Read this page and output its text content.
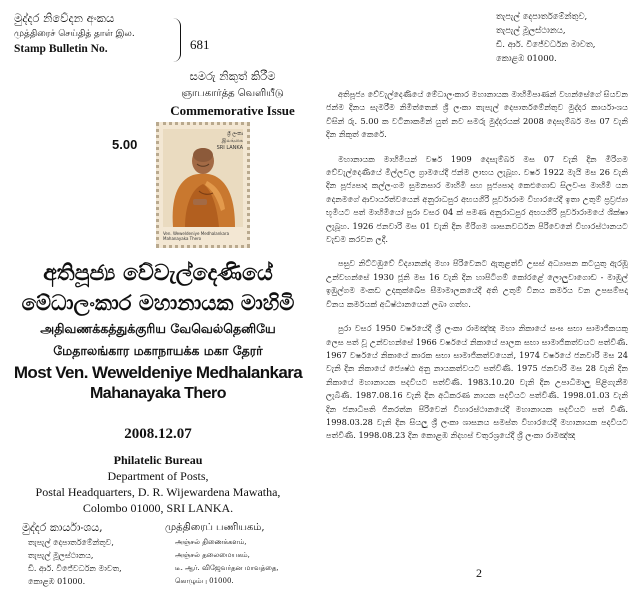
මුද්දර නිවේදන අංකය
முத்திரைச் செய்தித் தாள் இல.
Stamp Bulletin No.	681
සමරු නිකුත් කිරීම
ஞாபகார்த்த வெளியீடு
Commemorative Issue
5.00
ශ්‍රී ලංකා
இலங்கை
SRI LANKA
Ven. Weweldeniye Medhalankara Mahanayaka Thero
අතිපූජ්‍ය වේවැල්දෙණියේ
මේධාලංකාර මහානායක මාහිමි
அதிவணக்கத்துக்குரிய வேவெல்தெனியே
மேதாலங்கார மகாநாயக்க மகா தேரர்
Most Ven. Weweldeniye Medhalankara
Mahanayaka Thero
2008.12.07
Philatelic Bureau
Department of Posts,
Postal Headquarters, D. R. Wijewardena Mawatha,
Colombo 01000, SRI LANKA.
මුද්දර කාර්යාංශය,
තැපැල් දෙපාර්තමේන්තුව,
තැපැල් මූලස්ථානය,
ඩී. ආර්. විජේවර්ධන මාවත,
කොළඹ 01000.
முத்திரைப் பணியகம்,
அஞ்சல் திணைக்களம்,
அஞ்சல் தலைமையகம்,
டீ. ஆர். விஜேவர்தன மாவத்தை,
கொழும்பு 01000.
තැපැල් දෙපාර්තමේන්තුව,
තැපැල් මූලස්ථානය,
ඩී. ආර්. විජේවර්ධන මාවත,
කොළඹ 01000.

අතිපූජ්‍ය වේවැල්දෙණියේ මේධාලංකාර මහානායක මාහිමිපාණන් වහන්සේගේ සියවන ජන්ම දිනය සැමරීම නිමිත්තෙන් ශ්‍රී ලංකා තැපැල් දෙපාර්තමේන්තුව මුද්දර කාර්යාංශය විසින් රු. 5.00 ක වටිනාකමින් යුත් නව සමරු මුද්දරයක් 2008 දෙසැම්බර් මස 07 වැනි දින නිකුත් කෙරේ.

මහානායක මාහිමියන් වර්ෂ 1909 දෙසැම්බර් මස 07 වැනි දින මිරිගම වේවැල්දෙණියේ මිල්ලවල ග්‍රාමයේදී ජන්ම ලාභය ලැබූහ. වර්ෂ 1922 මැයි මස 26 වැනි දින පූජ්‍යපාද කල්ලංගම සුමනසාර මාහිමි සහ පූජ්‍යපාද කෙළුගොඩ සිලවංස මාහිමි යන දෙනමගේ ආචාර්යත්වයෙන් අනුරාධපුර අභයගිරි පූර්වාරාම විහාරයේදී ඉතා උතුම් ප්‍රව්‍රජ්‍යා භූමියට පත් මාහිමියෝ පුරා වසර 04 ක් පමණ අනුරාධපුර අභයගිරි පූර්වාරාමයේ ශික්ෂා ලැබූහ. 1926 ජනවාරි මස 01 වැනි දින මිරිගම ශාසනවර්ධන පිරිවෙනේ විහාරස්ථානයට වැඩම කරවන ලදී.

පසුව නිට්ටඹුවේ විද්‍යානන්ද මහා පිරිවෙනට ඇතුළත්වී උසස් අධ්‍යාපන කටයුතු ඇරඹූ උන්වහන්සේ 1930 ජූනි මස 16 වැනි දින හාපිටිගම් කෝරළේ ලොලුවාගොඩ - මාඹුල් ඉඹුල්ගම මංකඩ උදකුක්ඛේප සීමාමාලකයේදී අති උතුම් විනය කර්මය වන උපසම්පදා විනය කර්මයක් අධිෂ්ඨානයෙන් ලබා ගත්හ.

පුරා වසර 1950 වර්ෂයේදී ශ්‍රී ලංකා රාමඤ්ඤ මහා නිකායේ සංඝ සභා සාමාජිකයකු ලෙස පත් වූ උන්වහන්සේ 1966 වර්ෂයේ නිකායේ පාලක සභා සාමාජිකත්වයට පත්විණි. 1967 වර්ෂයේ නිකායේ කාරක සභා සාමාජිකත්වයෙන්, 1974 වර්ෂයේ ජනවාරි මස 24 වැනි දින නිකායේ ජ්‍යෙෂ්ඨ අනු නායකත්වයට පත්විණි. 1975 ජනවාරි මස 28 වැනි දින නිකායේ මහානායක පදවියට පත්විණි. 1983.10.20 වැනි දින උපාධිමාලු පිළිගැනීම ලැබිණි. 1987.08.16 වැනි දින අධිකරණ නායක පදවියට පත්විණි. 1998.01.03 වැනි දින ජනාධිපති ජිනරත්න පිරිවෙන් විහාරස්ථානයේදී මහානායක පදවියට පත් විණි. 1998.03.28 වැනි දින සියලු ශ්‍රී ලංකා ශාසනය සමස්ත විහාරයේදී මහානායක පදවියට පත්විණි. 1998.08.23 දින කොළඹ නිදහස් චතුරශ්‍රයේදී ශ්‍රී ලංකා රාමඤ්ඤ

2
